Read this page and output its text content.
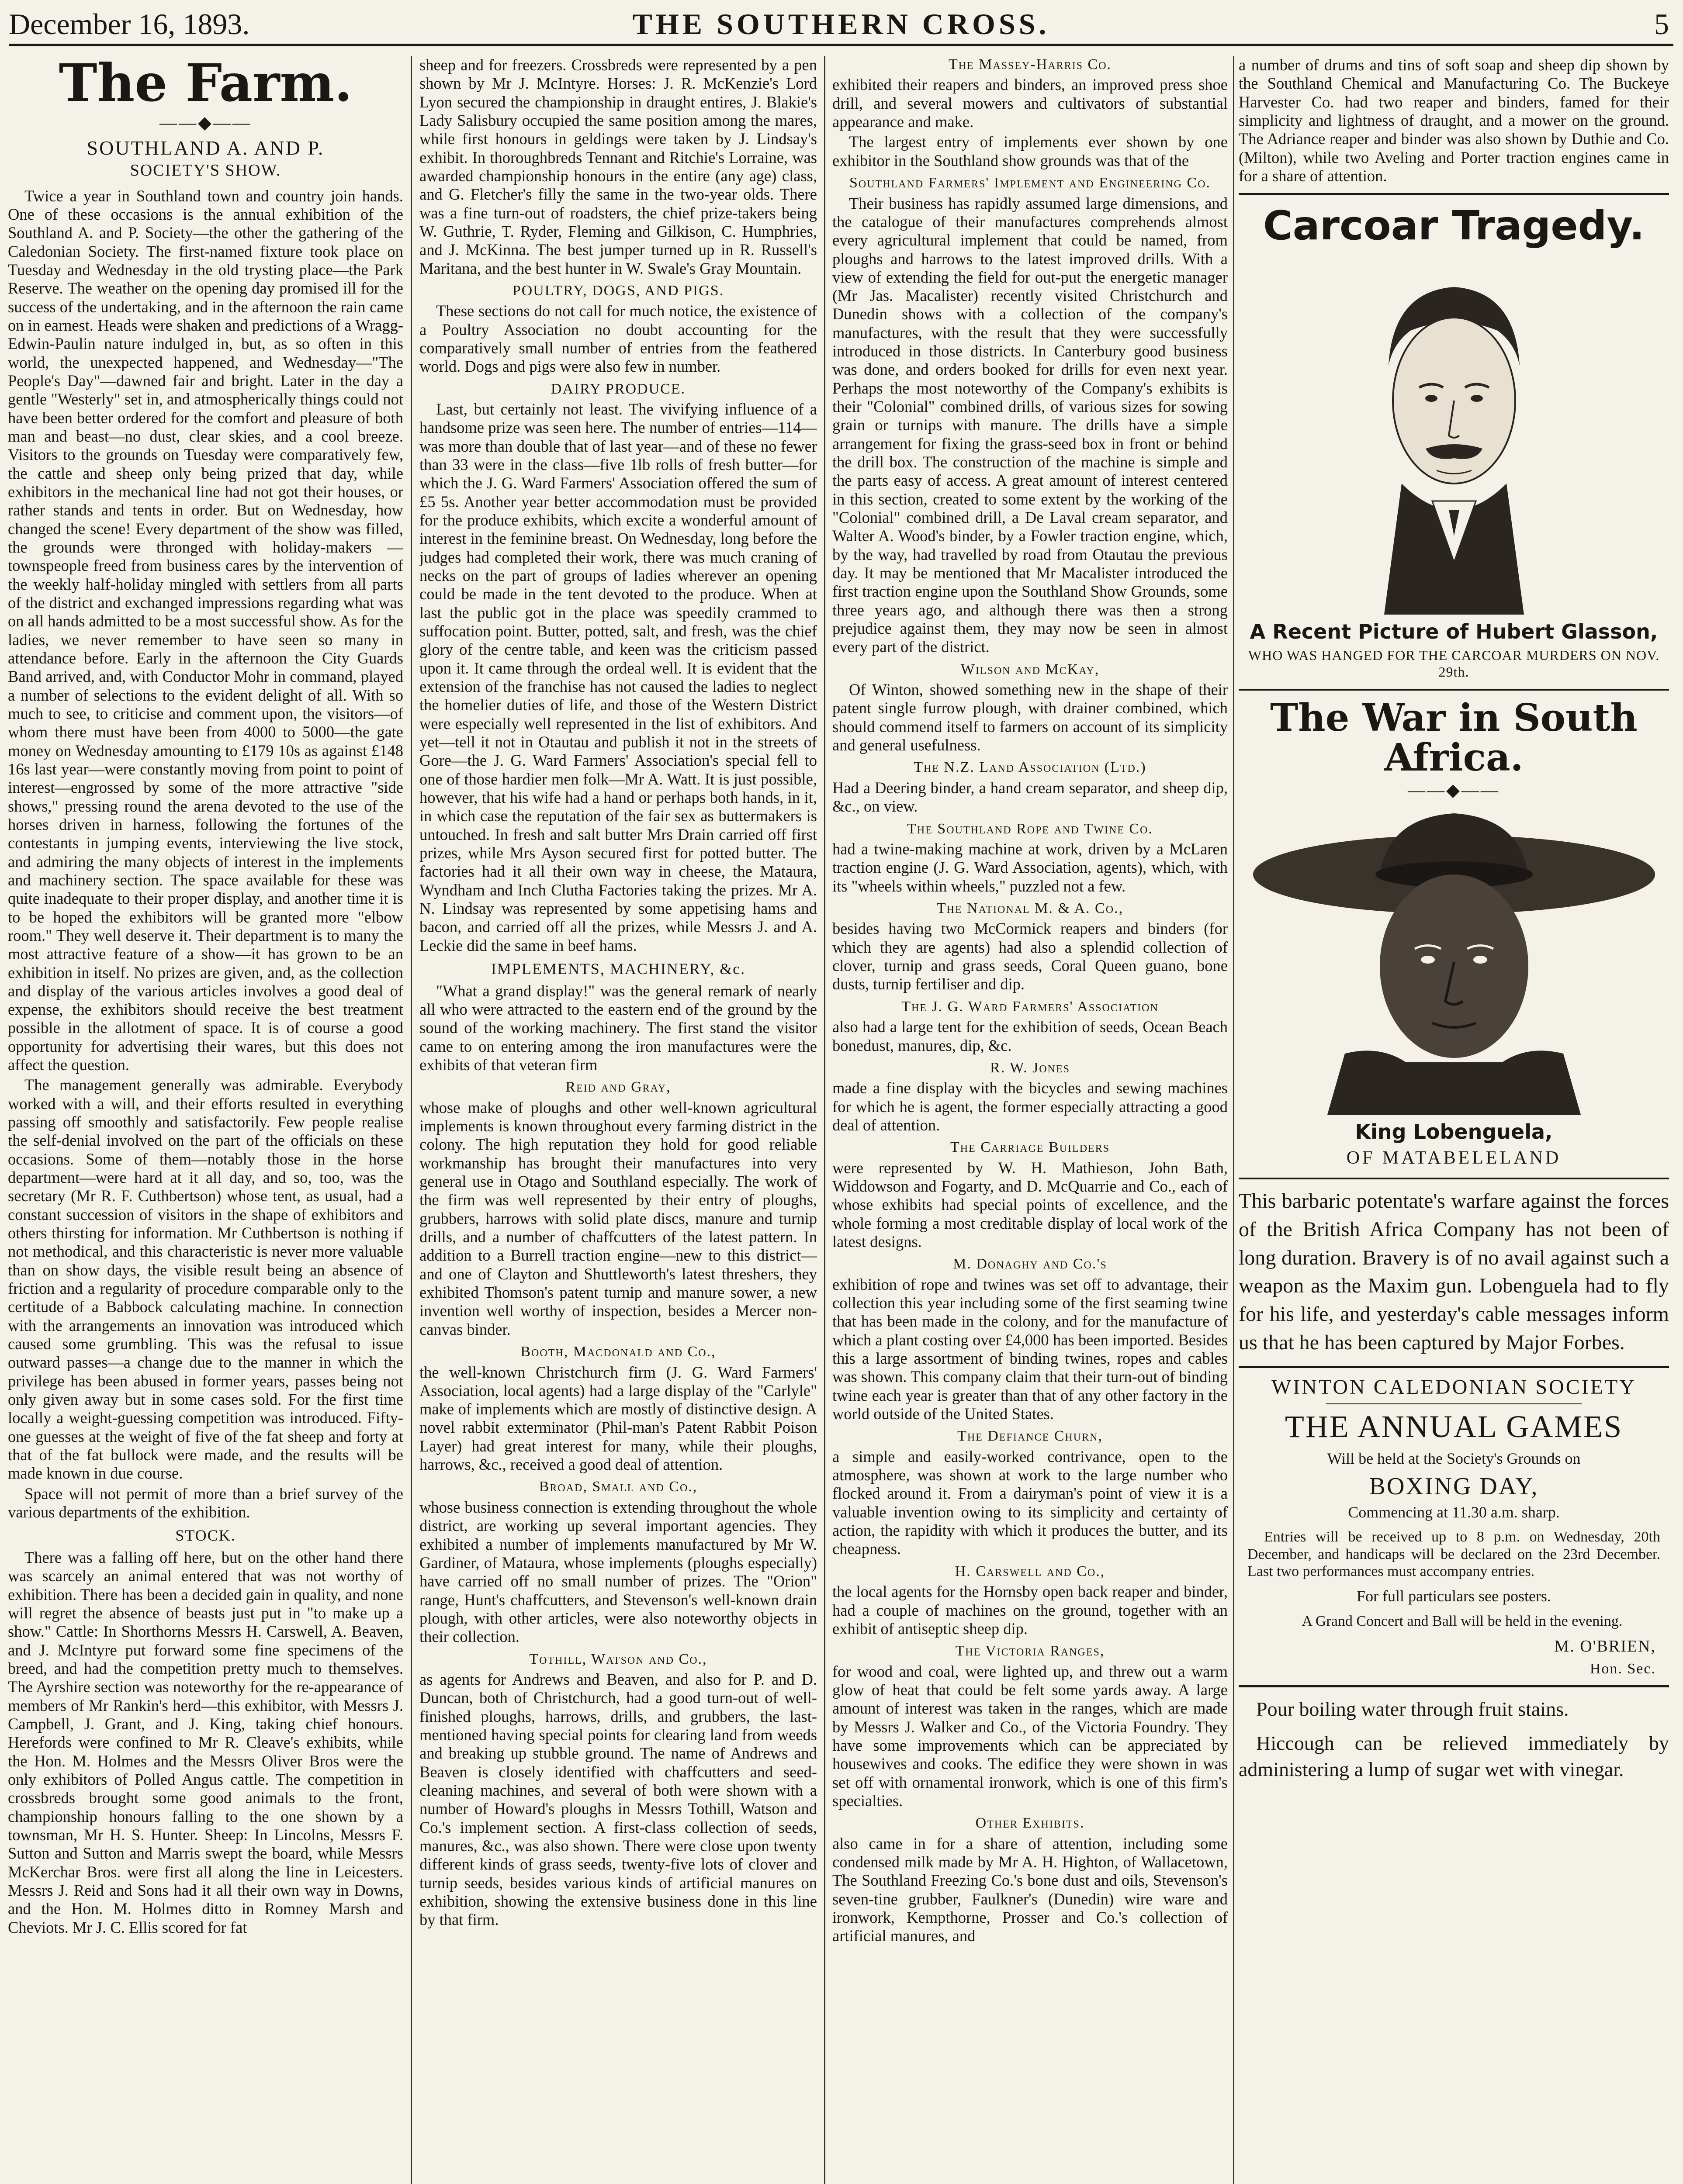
December 16, 1893.	THE SOUTHERN CROSS.	5
The Farm.
——◆——
SOUTHLAND A. AND P.
SOCIETY'S SHOW.

Twice a year in Southland town and country join hands. One of these occasions is the annual exhibition of the Southland A. and P. Society—the other the gathering of the Caledonian Society. The first-named fixture took place on Tuesday and Wednesday in the old trysting place—the Park Reserve. The weather on the opening day promised ill for the success of the undertaking, and in the afternoon the rain came on in earnest. Heads were shaken and predictions of a Wragg-Edwin-Paulin nature indulged in, but, as so often in this world, the unexpected happened, and Wednesday—"The People's Day"—dawned fair and bright. Later in the day a gentle "Westerly" set in, and atmospherically things could not have been better ordered for the comfort and pleasure of both man and beast—no dust, clear skies, and a cool breeze. Visitors to the grounds on Tuesday were comparatively few, the cattle and sheep only being prized that day, while exhibitors in the mechanical line had not got their houses, or rather stands and tents in order. But on Wednesday, how changed the scene! Every department of the show was filled, the grounds were thronged with holiday-makers — townspeople freed from business cares by the intervention of the weekly half-holiday mingled with settlers from all parts of the district and exchanged impressions regarding what was on all hands admitted to be a most successful show. As for the ladies, we never remember to have seen so many in attendance before. Early in the afternoon the City Guards Band arrived, and, with Conductor Mohr in command, played a number of selections to the evident delight of all. With so much to see, to criticise and comment upon, the visitors—of whom there must have been from 4000 to 5000—the gate money on Wednesday amounting to £179 10s as against £148 16s last year—were constantly moving from point to point of interest—engrossed by some of the more attractive "side shows," pressing round the arena devoted to the use of the horses driven in harness, following the fortunes of the contestants in jumping events, interviewing the live stock, and admiring the many objects of interest in the implements and machinery section. The space available for these was quite inadequate to their proper display, and another time it is to be hoped the exhibitors will be granted more "elbow room." They well deserve it. Their department is to many the most attractive feature of a show—it has grown to be an exhibition in itself. No prizes are given, and, as the collection and display of the various articles involves a good deal of expense, the exhibitors should receive the best treatment possible in the allotment of space. It is of course a good opportunity for advertising their wares, but this does not affect the question.

The management generally was admirable. Everybody worked with a will, and their efforts resulted in everything passing off smoothly and satisfactorily. Few people realise the self-denial involved on the part of the officials on these occasions. Some of them—notably those in the horse department—were hard at it all day, and so, too, was the secretary (Mr R. F. Cuthbertson) whose tent, as usual, had a constant succession of visitors in the shape of exhibitors and others thirsting for information. Mr Cuthbertson is nothing if not methodical, and this characteristic is never more valuable than on show days, the visible result being an absence of friction and a regularity of procedure comparable only to the certitude of a Babbock calculating machine. In connection with the arrangements an innovation was introduced which caused some grumbling. This was the refusal to issue outward passes—a change due to the manner in which the privilege has been abused in former years, passes being not only given away but in some cases sold. For the first time locally a weight-guessing competition was introduced. Fifty-one guesses at the weight of five of the fat sheep and forty at that of the fat bullock were made, and the results will be made known in due course.

Space will not permit of more than a brief survey of the various departments of the exhibition.

STOCK.

There was a falling off here, but on the other hand there was scarcely an animal entered that was not worthy of exhibition. There has been a decided gain in quality, and none will regret the absence of beasts just put in "to make up a show." Cattle: In Shorthorns Messrs H. Carswell, A. Beaven, and J. McIntyre put forward some fine specimens of the breed, and had the competition pretty much to themselves. The Ayrshire section was noteworthy for the re-appearance of members of Mr Rankin's herd—this exhibitor, with Messrs J. Campbell, J. Grant, and J. King, taking chief honours. Herefords were confined to Mr R. Cleave's exhibits, while the Hon. M. Holmes and the Messrs Oliver Bros were the only exhibitors of Polled Angus cattle. The competition in crossbreds brought some good animals to the front, championship honours falling to the one shown by a townsman, Mr H. S. Hunter. Sheep: In Lincolns, Messrs F. Sutton and Sutton and Marris swept the board, while Messrs McKerchar Bros. were first all along the line in Leicesters. Messrs J. Reid and Sons had it all their own way in Downs, and the Hon. M. Holmes ditto in Romney Marsh and Cheviots. Mr J. C. Ellis scored for fat

sheep and for freezers. Crossbreds were represented by a pen shown by Mr J. McIntyre. Horses: J. R. McKenzie's Lord Lyon secured the championship in draught entires, J. Blakie's Lady Salisbury occupied the same position among the mares, while first honours in geldings were taken by J. Lindsay's exhibit. In thoroughbreds Tennant and Ritchie's Lorraine, was awarded championship honours in the entire (any age) class, and G. Fletcher's filly the same in the two-year olds. There was a fine turn-out of roadsters, the chief prize-takers being W. Guthrie, T. Ryder, Fleming and Gilkison, C. Humphries, and J. McKinna. The best jumper turned up in R. Russell's Maritana, and the best hunter in W. Swale's Gray Mountain.

POULTRY, DOGS, AND PIGS.

These sections do not call for much notice, the existence of a Poultry Association no doubt accounting for the comparatively small number of entries from the feathered world. Dogs and pigs were also few in number.

DAIRY PRODUCE.

Last, but certainly not least. The vivifying influence of a handsome prize was seen here. The number of entries—114—was more than double that of last year—and of these no fewer than 33 were in the class—five 1lb rolls of fresh butter—for which the J. G. Ward Farmers' Association offered the sum of £5 5s. Another year better accommodation must be provided for the produce exhibits, which excite a wonderful amount of interest in the feminine breast. On Wednesday, long before the judges had completed their work, there was much craning of necks on the part of groups of ladies wherever an opening could be made in the tent devoted to the produce. When at last the public got in the place was speedily crammed to suffocation point. Butter, potted, salt, and fresh, was the chief glory of the centre table, and keen was the criticism passed upon it. It came through the ordeal well. It is evident that the extension of the franchise has not caused the ladies to neglect the homelier duties of life, and those of the Western District were especially well represented in the list of exhibitors. And yet—tell it not in Otautau and publish it not in the streets of Gore—the J. G. Ward Farmers' Association's special fell to one of those hardier men folk—Mr A. Watt. It is just possible, however, that his wife had a hand or perhaps both hands, in it, in which case the reputation of the fair sex as buttermakers is untouched. In fresh and salt butter Mrs Drain carried off first prizes, while Mrs Ayson secured first for potted butter. The factories had it all their own way in cheese, the Mataura, Wyndham and Inch Clutha Factories taking the prizes. Mr A. N. Lindsay was represented by some appetising hams and bacon, and carried off all the prizes, while Messrs J. and A. Leckie did the same in beef hams.

IMPLEMENTS, MACHINERY, &c.

"What a grand display!" was the general remark of nearly all who were attracted to the eastern end of the ground by the sound of the working machinery. The first stand the visitor came to on entering among the iron manufactures were the exhibits of that veteran firm

Reid and Gray,

whose make of ploughs and other well-known agricultural implements is known throughout every farming district in the colony. The high reputation they hold for good reliable workmanship has brought their manufactures into very general use in Otago and Southland especially. The work of the firm was well represented by their entry of ploughs, grubbers, harrows with solid plate discs, manure and turnip drills, and a number of chaffcutters of the latest pattern. In addition to a Burrell traction engine—new to this district—and one of Clayton and Shuttleworth's latest threshers, they exhibited Thomson's patent turnip and manure sower, a new invention well worthy of inspection, besides a Mercer non-canvas binder.

Booth, Macdonald and Co.,

the well-known Christchurch firm (J. G. Ward Farmers' Association, local agents) had a large display of the "Carlyle" make of implements which are mostly of distinctive design. A novel rabbit exterminator (Phil-man's Patent Rabbit Poison Layer) had great interest for many, while their ploughs, harrows, &c., received a good deal of attention.

Broad, Small and Co.,

whose business connection is extending throughout the whole district, are working up several important agencies. They exhibited a number of implements manufactured by Mr W. Gardiner, of Mataura, whose implements (ploughs especially) have carried off no small number of prizes. The "Orion" range, Hunt's chaffcutters, and Stevenson's well-known drain plough, with other articles, were also noteworthy objects in their collection.

Tothill, Watson and Co.,

as agents for Andrews and Beaven, and also for P. and D. Duncan, both of Christchurch, had a good turn-out of well-finished ploughs, harrows, drills, and grubbers, the last-mentioned having special points for clearing land from weeds and breaking up stubble ground. The name of Andrews and Beaven is closely identified with chaffcutters and seed-cleaning machines, and several of both were shown with a number of Howard's ploughs in Messrs Tothill, Watson and Co.'s implement section. A first-class collection of seeds, manures, &c., was also shown. There were close upon twenty different kinds of grass seeds, twenty-five lots of clover and turnip seeds, besides various kinds of artificial manures on exhibition, showing the extensive business done in this line by that firm.

The Massey-Harris Co.

exhibited their reapers and binders, an improved press shoe drill, and several mowers and cultivators of substantial appearance and make.

The largest entry of implements ever shown by one exhibitor in the Southland show grounds was that of the

Southland Farmers' Implement and Engineering Co.

Their business has rapidly assumed large dimensions, and the catalogue of their manufactures comprehends almost every agricultural implement that could be named, from ploughs and harrows to the latest improved drills. With a view of extending the field for out-put the energetic manager (Mr Jas. Macalister) recently visited Christchurch and Dunedin shows with a collection of the company's manufactures, with the result that they were successfully introduced in those districts. In Canterbury good business was done, and orders booked for drills for even next year. Perhaps the most noteworthy of the Company's exhibits is their "Colonial" combined drills, of various sizes for sowing grain or turnips with manure. The drills have a simple arrangement for fixing the grass-seed box in front or behind the drill box. The construction of the machine is simple and the parts easy of access. A great amount of interest centered in this section, created to some extent by the working of the "Colonial" combined drill, a De Laval cream separator, and Walter A. Wood's binder, by a Fowler traction engine, which, by the way, had travelled by road from Otautau the previous day. It may be mentioned that Mr Macalister introduced the first traction engine upon the Southland Show Grounds, some three years ago, and although there was then a strong prejudice against them, they may now be seen in almost every part of the district.

Wilson and McKay,

Of Winton, showed something new in the shape of their patent single furrow plough, with drainer combined, which should commend itself to farmers on account of its simplicity and general usefulness.

The N.Z. Land Association (Ltd.)

Had a Deering binder, a hand cream separator, and sheep dip, &c., on view.

The Southland Rope and Twine Co.

had a twine-making machine at work, driven by a McLaren traction engine (J. G. Ward Association, agents), which, with its "wheels within wheels," puzzled not a few.

The National M. & A. Co.,

besides having two McCormick reapers and binders (for which they are agents) had also a splendid collection of clover, turnip and grass seeds, Coral Queen guano, bone dusts, turnip fertiliser and dip.

The J. G. Ward Farmers' Association

also had a large tent for the exhibition of seeds, Ocean Beach bonedust, manures, dip, &c.

R. W. Jones

made a fine display with the bicycles and sewing machines for which he is agent, the former especially attracting a good deal of attention.

The Carriage Builders

were represented by W. H. Mathieson, John Bath, Widdowson and Fogarty, and D. McQuarrie and Co., each of whose exhibits had special points of excellence, and the whole forming a most creditable display of local work of the latest designs.

M. Donaghy and Co.'s

exhibition of rope and twines was set off to advantage, their collection this year including some of the first seaming twine that has been made in the colony, and for the manufacture of which a plant costing over £4,000 has been imported. Besides this a large assortment of binding twines, ropes and cables was shown. This company claim that their turn-out of binding twine each year is greater than that of any other factory in the world outside of the United States.

The Defiance Churn,

a simple and easily-worked contrivance, open to the atmosphere, was shown at work to the large number who flocked around it. From a dairyman's point of view it is a valuable invention owing to its simplicity and certainty of action, the rapidity with which it produces the butter, and its cheapness.

H. Carswell and Co.,

the local agents for the Hornsby open back reaper and binder, had a couple of machines on the ground, together with an exhibit of antiseptic sheep dip.

The Victoria Ranges,

for wood and coal, were lighted up, and threw out a warm glow of heat that could be felt some yards away. A large amount of interest was taken in the ranges, which are made by Messrs J. Walker and Co., of the Victoria Foundry. They have some improvements which can be appreciated by housewives and cooks. The edifice they were shown in was set off with ornamental ironwork, which is one of this firm's specialties.

Other Exhibits.

also came in for a share of attention, including some condensed milk made by Mr A. H. Highton, of Wallacetown, The Southland Freezing Co.'s bone dust and oils, Stevenson's seven-tine grubber, Faulkner's (Dunedin) wire ware and ironwork, Kempthorne, Prosser and Co.'s collection of artificial manures, and

a number of drums and tins of soft soap and sheep dip shown by the Southland Chemical and Manufacturing Co. The Buckeye Harvester Co. had two reaper and binders, famed for their simplicity and lightness of draught, and a mower on the ground. The Adriance reaper and binder was also shown by Duthie and Co. (Milton), while two Aveling and Porter traction engines came in for a share of attention.

Carcoar Tragedy.
A Recent Picture of Hubert Glasson,
WHO WAS HANGED FOR THE CARCOAR MURDERS ON NOV. 29th.
The War in South Africa.
——◆——
King Lobenguela,
OF MATABELELAND
This barbaric potentate's warfare against the forces of the British Africa Company has not been of long duration. Bravery is of no avail against such a weapon as the Maxim gun. Lobenguela had to fly for his life, and yesterday's cable messages inform us that he has been captured by Major Forbes.
WINTON CALEDONIAN SOCIETY
THE ANNUAL GAMES
Will be held at the Society's Grounds on
BOXING DAY,
Commencing at 11.30 a.m. sharp.

Entries will be received up to 8 p.m. on Wednesday, 20th December, and handicaps will be declared on the 23rd December. Last two performances must accompany entries.

For full particulars see posters.

A Grand Concert and Ball will be held in the evening.

M. O'BRIEN,
Hon. Sec.
Pour boiling water through fruit stains.
Hiccough can be relieved immediately by administering a lump of sugar wet with vinegar.
